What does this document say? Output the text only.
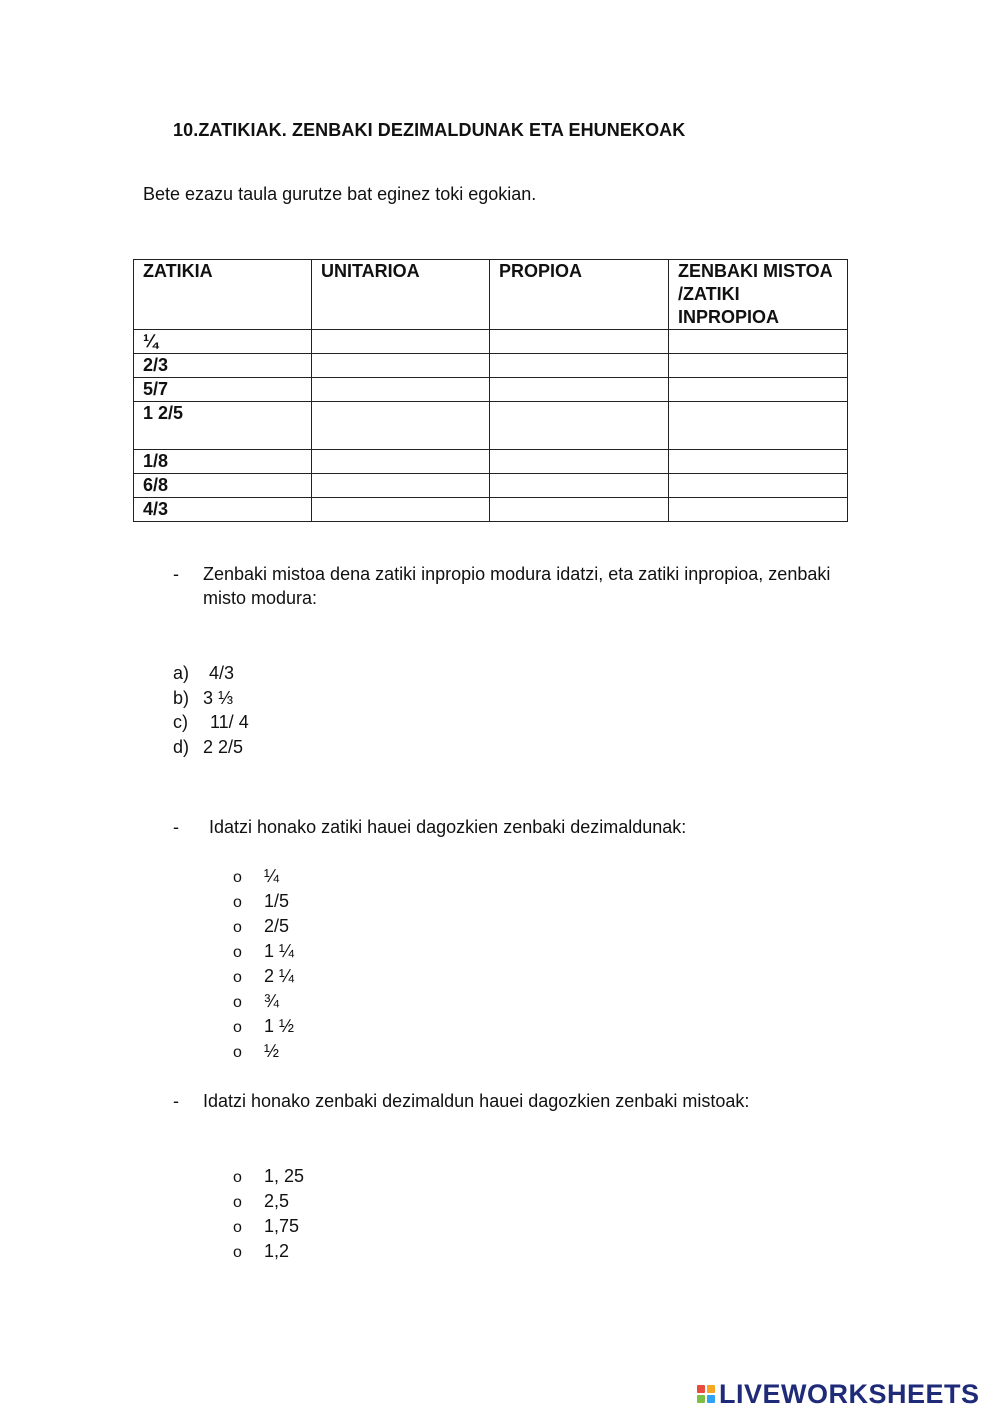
10.ZATIKIAK. ZENBAKI DEZIMALDUNAK ETA EHUNEKOAK
Bete ezazu taula gurutze bat eginez toki egokian.
ZATIKIA	UNITARIOA	PROPIOA	ZENBAKI MISTOA /ZATIKI INPROPIOA
¼			
2/3			
5/7			
1 2/5			
1/8			
6/8			
4/3			
- Zenbaki mistoa dena zatiki inpropio modura idatzi, eta zatiki inpropioa, zenbaki misto modura:
a) 4/3
b) 3 ⅓
c) 11/ 4
d) 2 2/5
- Idatzi honako zatiki hauei dagozkien zenbaki dezimaldunak:
o ¼
o 1/5
o 2/5
o 1 ¼
o 2 ¼
o ¾
o 1 ½
o ½
- Idatzi honako zenbaki dezimaldun hauei dagozkien zenbaki mistoak:
o 1, 25
o 2,5
o 1,75
o 1,2
LIVEWORKSHEETS
